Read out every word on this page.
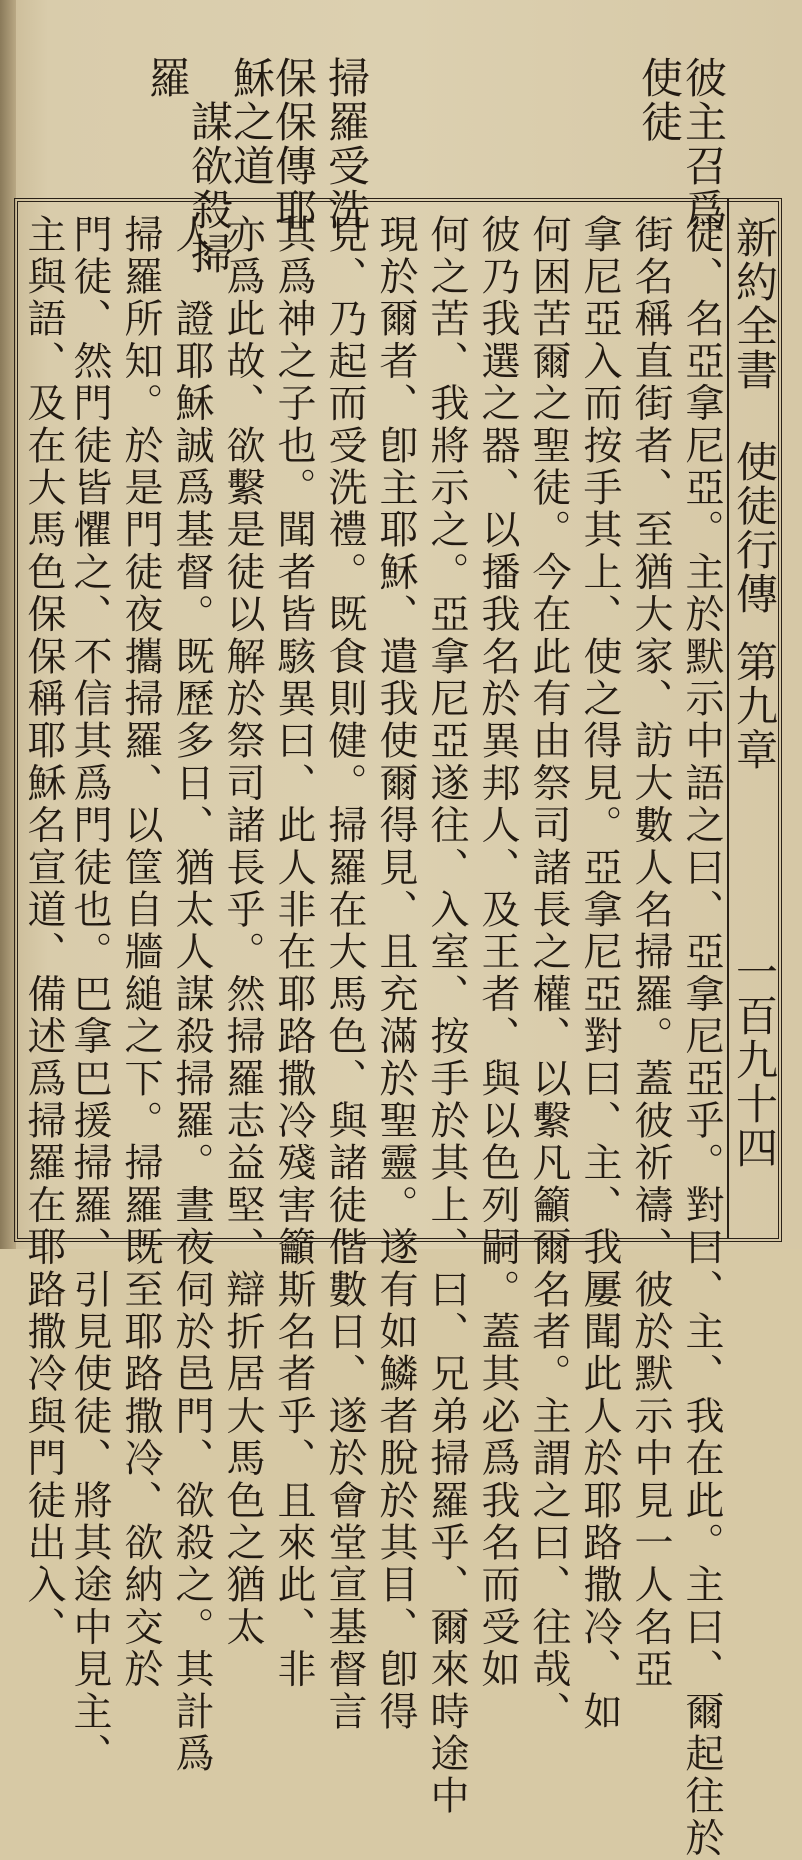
彼主召爲
使徒
掃羅受洗
保保傳耶
穌之道
謀欲殺掃
羅
新約全書
使徒行傳
第九章
一百九十四
徒、名亞拿尼亞。主於默示中語之曰、亞拿尼亞乎。對曰、主、我在此。主曰、爾起往於
街名稱直街者、至猶大家、訪大數人名掃羅。蓋彼祈禱、彼於默示中見一人名亞
拿尼亞入而按手其上、使之得見。亞拿尼亞對曰、主、我屢聞此人於耶路撒冷、如
何困苦爾之聖徒。今在此有由祭司諸長之權、以繫凡籲爾名者。主謂之曰、往哉、
彼乃我選之器、以播我名於異邦人、及王者、與以色列嗣。蓋其必爲我名而受如
何之苦、我將示之。亞拿尼亞遂往、入室、按手於其上、曰、兄弟掃羅乎、爾來時途中
現於爾者、卽主耶穌、遣我使爾得見、且充滿於聖靈。遂有如鱗者脫於其目、卽得
見、乃起而受洗禮。既食則健。掃羅在大馬色、與諸徒偕數日、遂於會堂宣基督言
其爲神之子也。聞者皆駭異曰、此人非在耶路撒冷殘害籲斯名者乎、且來此、非
亦爲此故、欲繫是徒以解於祭司諸長乎。然掃羅志益堅、辯折居大馬色之猶太
人、證耶穌誠爲基督。既歷多日、猶太人謀殺掃羅。晝夜伺於邑門、欲殺之。其計爲
掃羅所知。於是門徒夜攜掃羅、以筐自牆縋之下。掃羅既至耶路撒冷、欲納交於
門徒、然門徒皆懼之、不信其爲門徒也。巴拿巴援掃羅、引見使徒、將其途中見主、
主與語、及在大馬色保保稱耶穌名宣道、備述爲掃羅在耶路撒冷與門徒出入、
